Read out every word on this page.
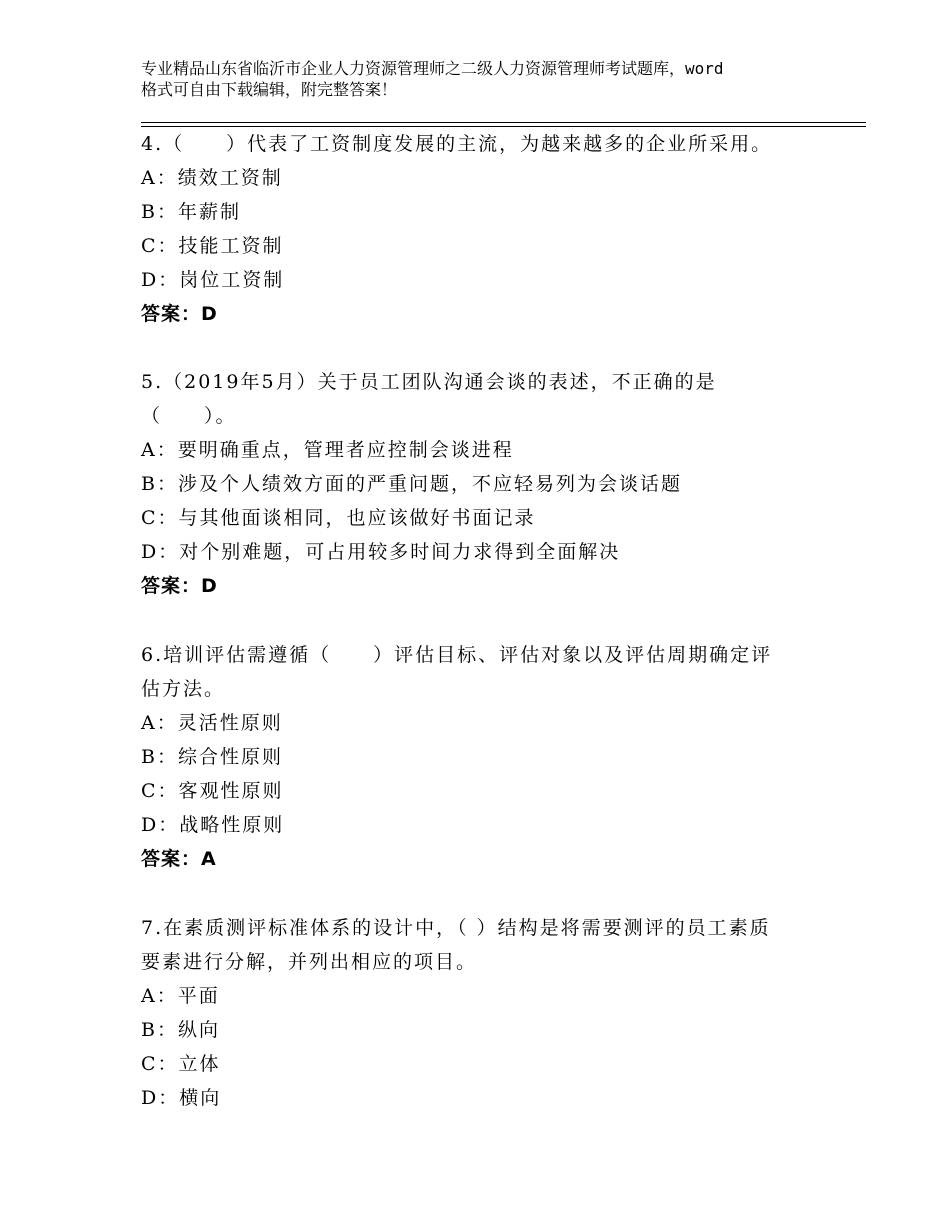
专业精品山东省临沂市企业人力资源管理师之二级人力资源管理师考试题库，word
格式可自由下载编辑，附完整答案！
4.（　　）代表了工资制度发展的主流，为越来越多的企业所采用。
A：绩效工资制
B：年薪制
C：技能工资制
D：岗位工资制
答案：D
5.（2019年5月）关于员工团队沟通会谈的表述，不正确的是
（　　）。
A：要明确重点，管理者应控制会谈进程
B：涉及个人绩效方面的严重问题，不应轻易列为会谈话题
C：与其他面谈相同，也应该做好书面记录
D：对个别难题，可占用较多时间力求得到全面解决
答案：D
6.培训评估需遵循（　　）评估目标、评估对象以及评估周期确定评
估方法。
A：灵活性原则
B：综合性原则
C：客观性原则
D：战略性原则
答案：A
7.在素质测评标准体系的设计中，（ ）结构是将需要测评的员工素质
要素进行分解，并列出相应的项目。
A：平面
B：纵向
C：立体
D：横向
